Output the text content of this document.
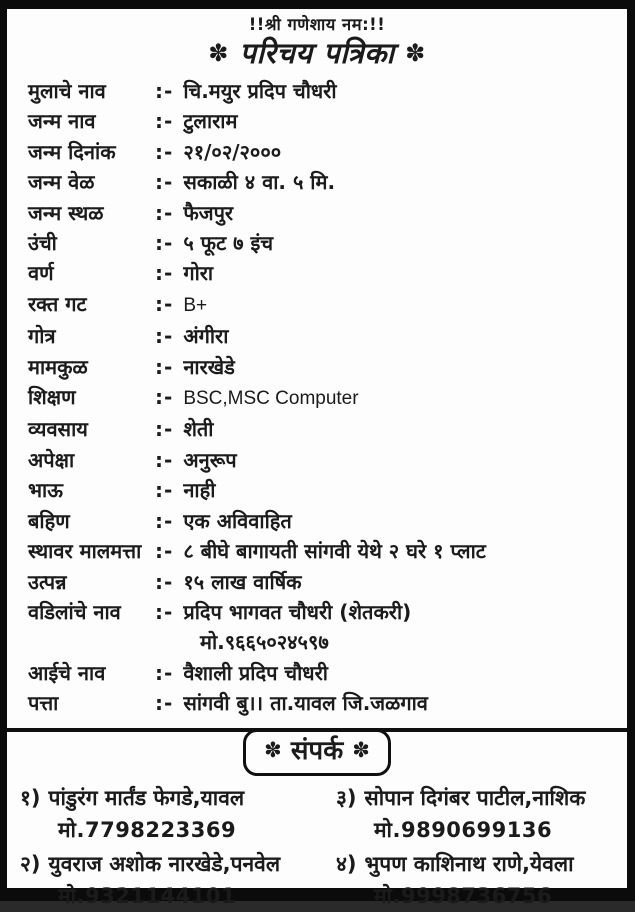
!!श्री गणेशाय नम:!!
✽ परिचय पत्रिका ✽
मुलाचे नाव	:- चि.मयुर प्रदिप चौधरी
जन्म नाव	:- टुलाराम
जन्म दिनांक	:- २१/०२/२०००
जन्म वेळ	:- सकाळी ४ वा. ५ मि.
जन्म स्थळ	:- फैजपुर
उंची	:- ५ फूट ७ इंच
वर्ण	:- गोरा
रक्त गट	:- B+
गोत्र	:- अंगीरा
मामकुळ	:- नारखेडे
शिक्षण	:- BSC,MSC Computer
व्यवसाय	:- शेती
अपेक्षा	:- अनुरूप
भाऊ	:- नाही
बहिण	:- एक अविवाहित
स्थावर मालमत्ता :- ८ बीघे बागायती सांगवी येथे २ घरे १ प्लाट
उत्पन्न	:- १५ लाख वार्षिक
वडिलांचे नाव	:- प्रदिप भागवत चौधरी (शेतकरी)
मो.९६६५०२४५९७
आईचे नाव	:- वैशाली प्रदिप चौधरी
पत्ता	:- सांगवी बु।। ता.यावल जि.जळगाव
✽ संपर्क ✽
१) पांडुरंग मार्तंड फेगडे,यावल
मो.7798223369
३) सोपान दिगंबर पाटील,नाशिक
मो.9890699136
२) युवराज अशोक नारखेडे,पनवेल
मो.9321144101
४) भुपण काशिनाथ राणे,येवला
मो.9998736756
